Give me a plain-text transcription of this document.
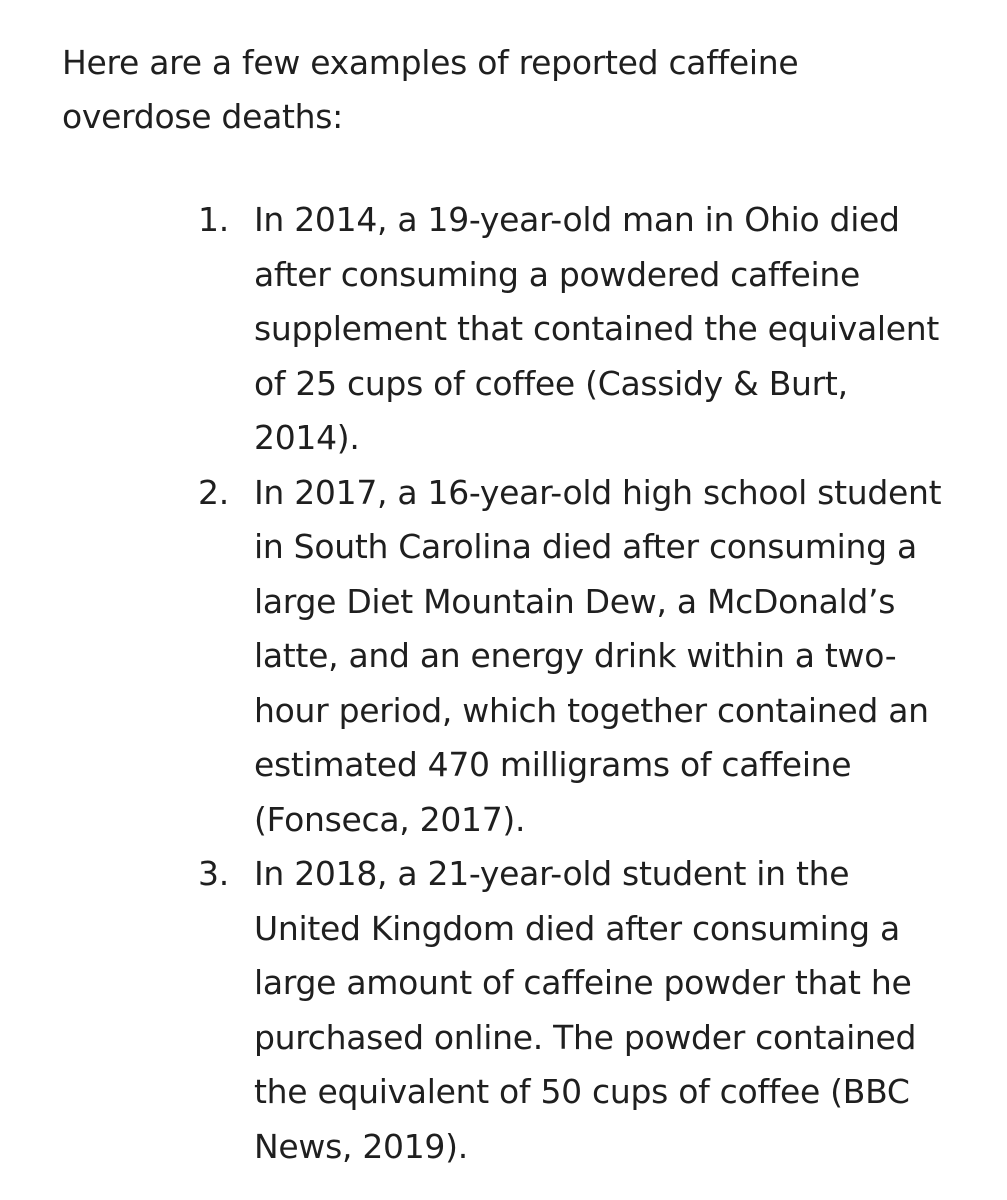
Here are a few examples of reported caffeine overdose deaths:

1. In 2014, a 19-year-old man in Ohio died after consuming a powdered caffeine supplement that contained the equivalent of 25 cups of coffee (Cassidy & Burt, 2014).
2. In 2017, a 16-year-old high school student in South Carolina died after consuming a large Diet Mountain Dew, a McDonald’s latte, and an energy drink within a two-hour period, which together contained an estimated 470 milligrams of caffeine (Fonseca, 2017).
3. In 2018, a 21-year-old student in the United Kingdom died after consuming a large amount of caffeine powder that he purchased online. The powder contained the equivalent of 50 cups of coffee (BBC News, 2019).
